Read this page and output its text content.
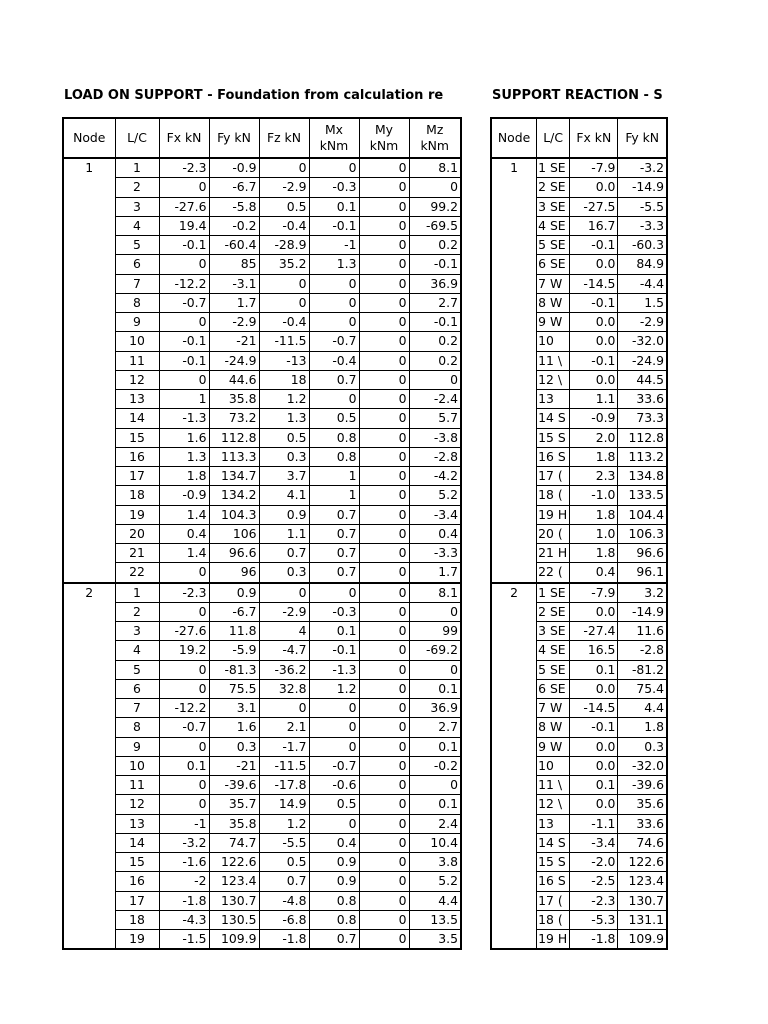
LOAD ON SUPPORT - Foundation from calculation re	SUPPORT REACTION - S
Node	L/C	Fx kN	Fy kN	Fz kN	Mx kNm	My kNm	Mz kNm
1	1	-2.3	-0.9	0	0	0	8.1
	2	0	-6.7	-2.9	-0.3	0	0
	3	-27.6	-5.8	0.5	0.1	0	99.2
	4	19.4	-0.2	-0.4	-0.1	0	-69.5
	5	-0.1	-60.4	-28.9	-1	0	0.2
	6	0	85	35.2	1.3	0	-0.1
	7	-12.2	-3.1	0	0	0	36.9
	8	-0.7	1.7	0	0	0	2.7
	9	0	-2.9	-0.4	0	0	-0.1
	10	-0.1	-21	-11.5	-0.7	0	0.2
	11	-0.1	-24.9	-13	-0.4	0	0.2
	12	0	44.6	18	0.7	0	0
	13	1	35.8	1.2	0	0	-2.4
	14	-1.3	73.2	1.3	0.5	0	5.7
	15	1.6	112.8	0.5	0.8	0	-3.8
	16	1.3	113.3	0.3	0.8	0	-2.8
	17	1.8	134.7	3.7	1	0	-4.2
	18	-0.9	134.2	4.1	1	0	5.2
	19	1.4	104.3	0.9	0.7	0	-3.4
	20	0.4	106	1.1	0.7	0	0.4
	21	1.4	96.6	0.7	0.7	0	-3.3
	22	0	96	0.3	0.7	0	1.7
2	1	-2.3	0.9	0	0	0	8.1
	2	0	-6.7	-2.9	-0.3	0	0
	3	-27.6	11.8	4	0.1	0	99
	4	19.2	-5.9	-4.7	-0.1	0	-69.2
	5	0	-81.3	-36.2	-1.3	0	0
	6	0	75.5	32.8	1.2	0	0.1
	7	-12.2	3.1	0	0	0	36.9
	8	-0.7	1.6	2.1	0	0	2.7
	9	0	0.3	-1.7	0	0	0.1
	10	0.1	-21	-11.5	-0.7	0	-0.2
	11	0	-39.6	-17.8	-0.6	0	0
	12	0	35.7	14.9	0.5	0	0.1
	13	-1	35.8	1.2	0	0	2.4
	14	-3.2	74.7	-5.5	0.4	0	10.4
	15	-1.6	122.6	0.5	0.9	0	3.8
	16	-2	123.4	0.7	0.9	0	5.2
	17	-1.8	130.7	-4.8	0.8	0	4.4
	18	-4.3	130.5	-6.8	0.8	0	13.5
	19	-1.5	109.9	-1.8	0.7	0	3.5
Node	L/C	Fx kN	Fy kN
1	1 SE	-7.9	-3.2
	2 SE	0.0	-14.9
	3 SE	-27.5	-5.5
	4 SE	16.7	-3.3
	5 SE	-0.1	-60.3
	6 SE	0.0	84.9
	7 W	-14.5	-4.4
	8 W	-0.1	1.5
	9 W	0.0	-2.9
	10	0.0	-32.0
	11 \	-0.1	-24.9
	12 \	0.0	44.5
	13	1.1	33.6
	14 S	-0.9	73.3
	15 S	2.0	112.8
	16 S	1.8	113.2
	17 (	2.3	134.8
	18 (	-1.0	133.5
	19 H	1.8	104.4
	20 (	1.0	106.3
	21 H	1.8	96.6
	22 (	0.4	96.1
2	1 SE	-7.9	3.2
	2 SE	0.0	-14.9
	3 SE	-27.4	11.6
	4 SE	16.5	-2.8
	5 SE	0.1	-81.2
	6 SE	0.0	75.4
	7 W	-14.5	4.4
	8 W	-0.1	1.8
	9 W	0.0	0.3
	10	0.0	-32.0
	11 \	0.1	-39.6
	12 \	0.0	35.6
	13	-1.1	33.6
	14 S	-3.4	74.6
	15 S	-2.0	122.6
	16 S	-2.5	123.4
	17 (	-2.3	130.7
	18 (	-5.3	131.1
	19 H	-1.8	109.9
